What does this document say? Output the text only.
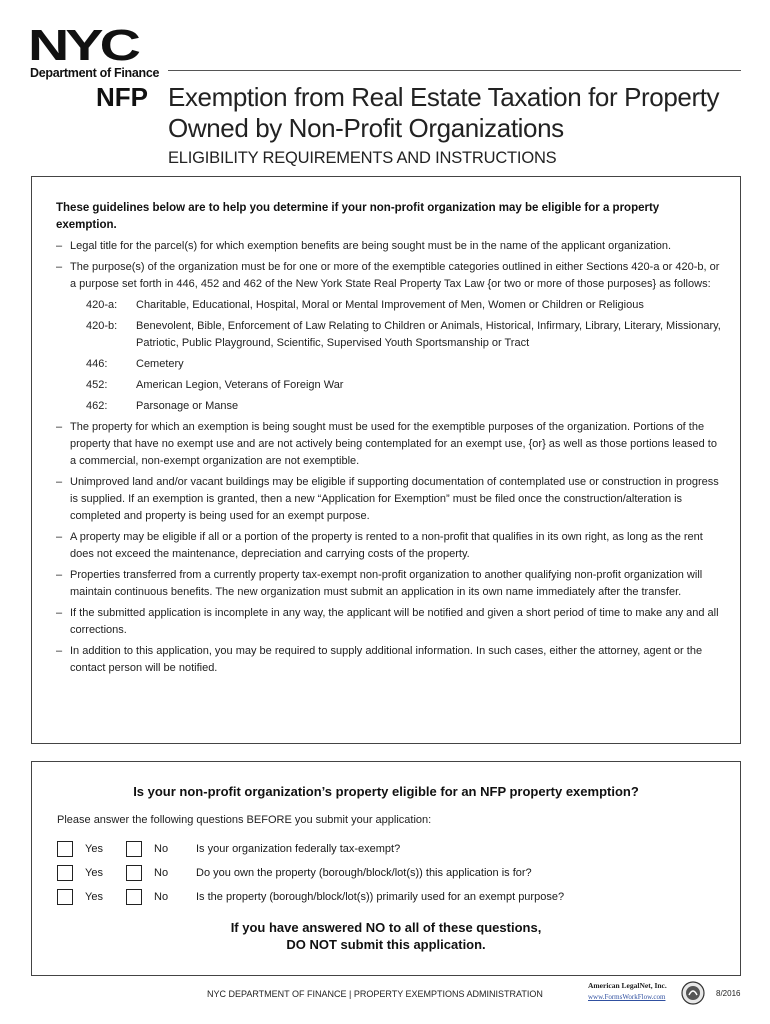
NYC
Department of Finance
NFP Exemption from Real Estate Taxation for Property
Owned by Non-Profit Organizations
ELIGIBILITY REQUIREMENTS AND INSTRUCTIONS

These guidelines below are to help you determine if your non-profit organization may be eligible for a property exemption.

– Legal title for the parcel(s) for which exemption benefits are being sought must be in the name of the applicant organization.

– The purpose(s) of the organization must be for one or more of the exemptible categories outlined in either Sections 420-a or 420-b, or a purpose set forth in 446, 452 and 462 of the New York State Real Property Tax Law {or two or more of those purposes} as follows:

420-a:	Charitable, Educational, Hospital, Moral or Mental Improvement of Men, Women or Children or Religious
420-b:	Benevolent, Bible, Enforcement of Law Relating to Children or Animals, Historical, Infirmary, Library, Literary, Missionary, Patriotic, Public Playground, Scientific, Supervised Youth Sportsmanship or Tract
446:	Cemetery
452:	American Legion, Veterans of Foreign War
462:	Parsonage or Manse

– The property for which an exemption is being sought must be used for the exemptible purposes of the organization. Portions of the property that have no exempt use and are not actively being contemplated for an exempt use, {or} as well as those portions leased to a commercial, non-exempt organization are not exemptible.

– Unimproved land and/or vacant buildings may be eligible if supporting documentation of contemplated use or construction in progress is supplied. If an exemption is granted, then a new “Application for Exemption” must be filed once the construction/alteration is completed and property is being used for an exempt purpose.

– A property may be eligible if all or a portion of the property is rented to a non-profit that qualifies in its own right, as long as the rent does not exceed the maintenance, depreciation and carrying costs of the property.

– Properties transferred from a currently property tax-exempt non-profit organization to another qualifying non-profit organization will maintain continuous benefits. The new organization must submit an application in its own name immediately after the transfer.

– If the submitted application is incomplete in any way, the applicant will be notified and given a short period of time to make any and all corrections.

– In addition to this application, you may be required to supply additional information. In such cases, either the attorney, agent or the contact person will be notified.

Is your non-profit organization’s property eligible for an NFP property exemption?
Please answer the following questions BEFORE you submit your application:
Yes	No	Is your organization federally tax-exempt?
Yes	No	Do you own the property (borough/block/lot(s)) this application is for?
Yes	No	Is the property (borough/block/lot(s)) primarily used for an exempt purpose?
If you have answered NO to all of these questions,
DO NOT submit this application.
NYC DEPARTMENT OF FINANCE | PROPERTY EXEMPTIONS ADMINISTRATION
American LegalNet, Inc.
www.FormsWorkFlow.com	8/2016
